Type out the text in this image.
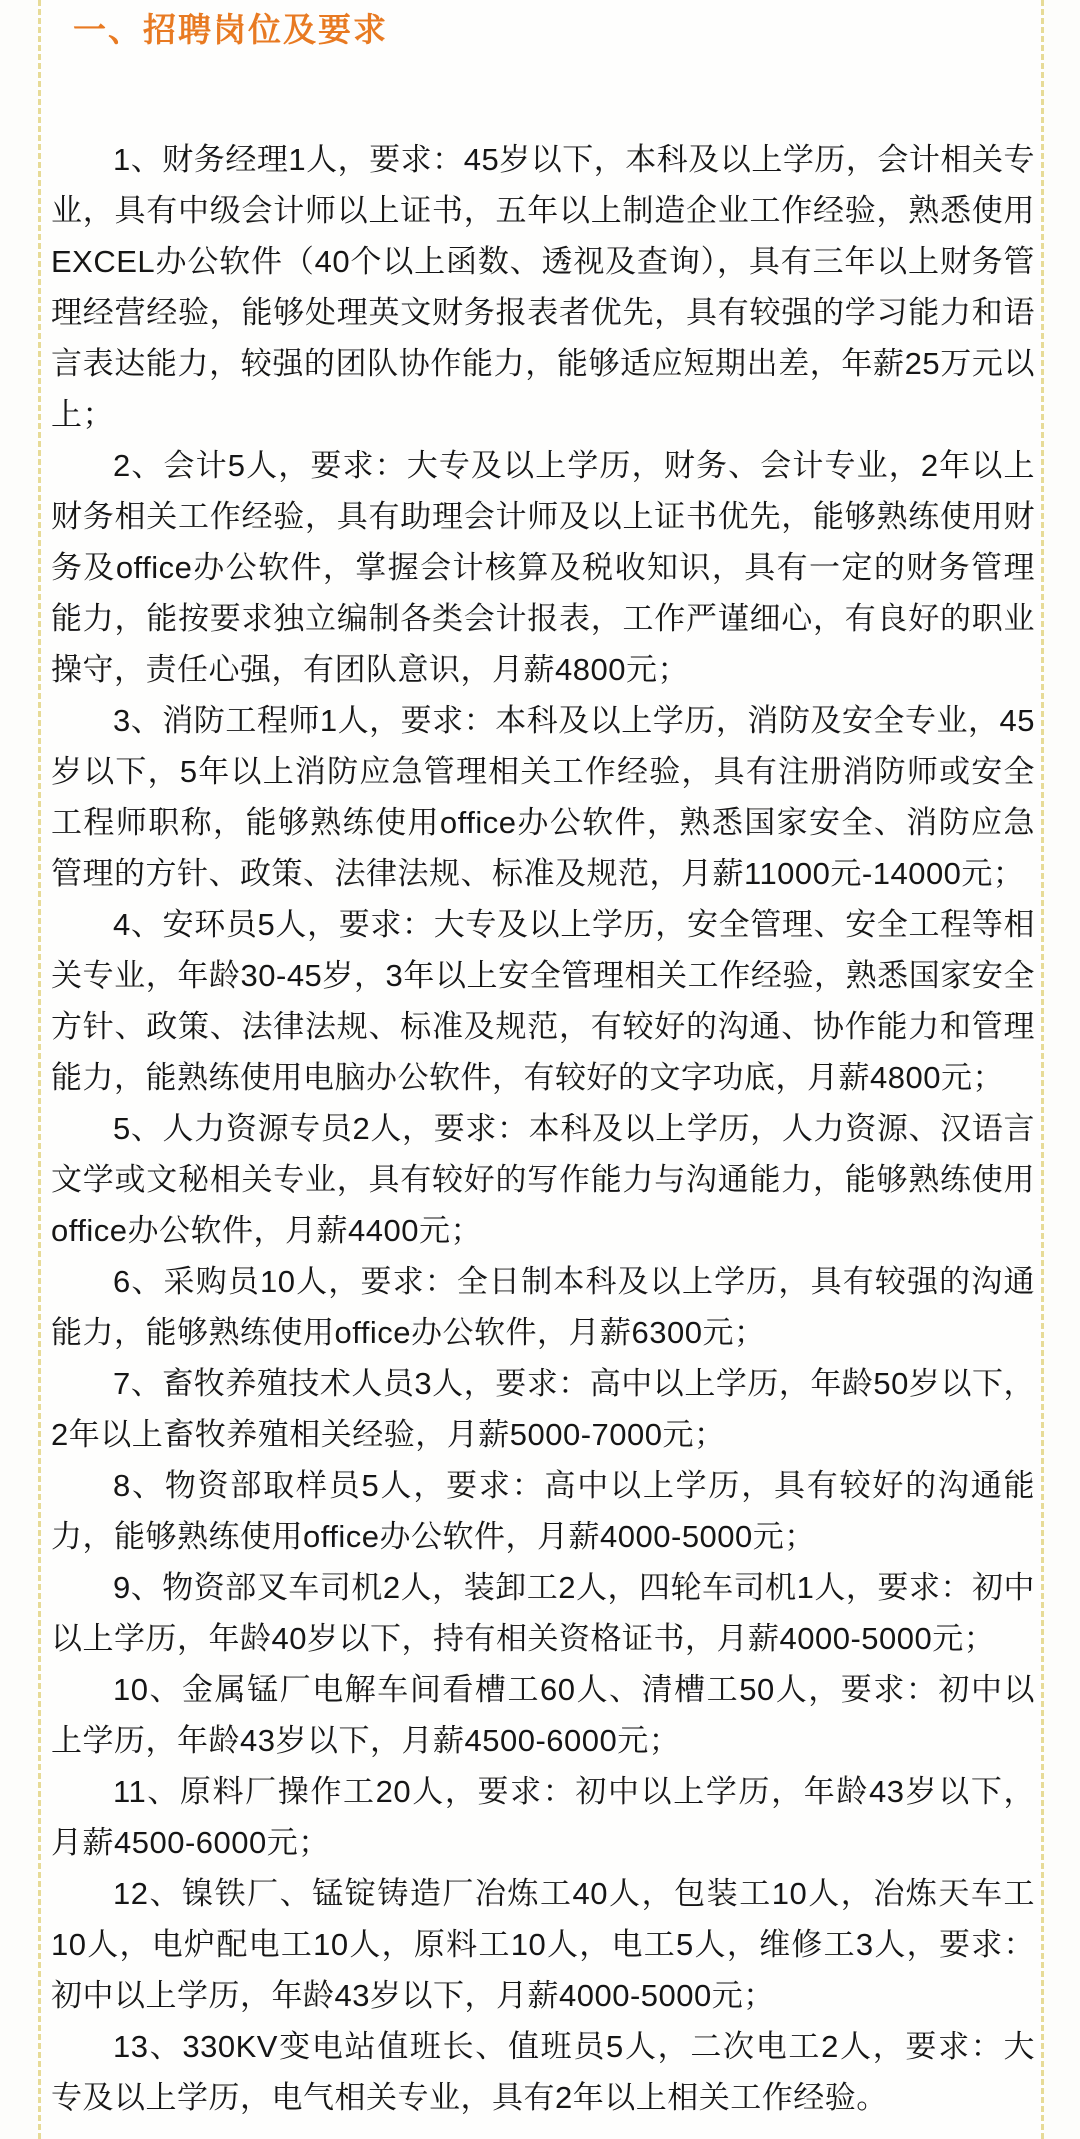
一、招聘岗位及要求

1、财务经理1人，要求：45岁以下，本科及以上学历，会计相关专业，具有中级会计师以上证书，五年以上制造企业工作经验，熟悉使用EXCEL办公软件（40个以上函数、透视及查询），具有三年以上财务管理经营经验，能够处理英文财务报表者优先，具有较强的学习能力和语言表达能力，较强的团队协作能力，能够适应短期出差，年薪25万元以上；

2、会计5人，要求：大专及以上学历，财务、会计专业，2年以上财务相关工作经验，具有助理会计师及以上证书优先，能够熟练使用财务及office办公软件，掌握会计核算及税收知识，具有一定的财务管理能力，能按要求独立编制各类会计报表，工作严谨细心，有良好的职业操守，责任心强，有团队意识，月薪4800元；

3、消防工程师1人，要求：本科及以上学历，消防及安全专业，45岁以下，5年以上消防应急管理相关工作经验，具有注册消防师或安全工程师职称，能够熟练使用office办公软件，熟悉国家安全、消防应急管理的方针、政策、法律法规、标准及规范，月薪11000元-14000元；

4、安环员5人，要求：大专及以上学历，安全管理、安全工程等相关专业，年龄30-45岁，3年以上安全管理相关工作经验，熟悉国家安全方针、政策、法律法规、标准及规范，有较好的沟通、协作能力和管理能力，能熟练使用电脑办公软件，有较好的文字功底，月薪4800元；

5、人力资源专员2人，要求：本科及以上学历，人力资源、汉语言文学或文秘相关专业，具有较好的写作能力与沟通能力，能够熟练使用office办公软件，月薪4400元；

6、采购员10人，要求：全日制本科及以上学历，具有较强的沟通能力，能够熟练使用office办公软件，月薪6300元；

7、畜牧养殖技术人员3人，要求：高中以上学历，年龄50岁以下，2年以上畜牧养殖相关经验，月薪5000-7000元；

8、物资部取样员5人，要求：高中以上学历，具有较好的沟通能力，能够熟练使用office办公软件，月薪4000-5000元；

9、物资部叉车司机2人，装卸工2人，四轮车司机1人，要求：初中以上学历，年龄40岁以下，持有相关资格证书，月薪4000-5000元；

10、金属锰厂电解车间看槽工60人、清槽工50人，要求：初中以上学历，年龄43岁以下，月薪4500-6000元；

11、原料厂操作工20人，要求：初中以上学历，年龄43岁以下，月薪4500-6000元；

12、镍铁厂、锰锭铸造厂冶炼工40人，包装工10人，冶炼天车工10人，电炉配电工10人，原料工10人，电工5人，维修工3人，要求：初中以上学历，年龄43岁以下，月薪4000-5000元；

13、330KV变电站值班长、值班员5人，二次电工2人，要求：大专及以上学历，电气相关专业，具有2年以上相关工作经验。
